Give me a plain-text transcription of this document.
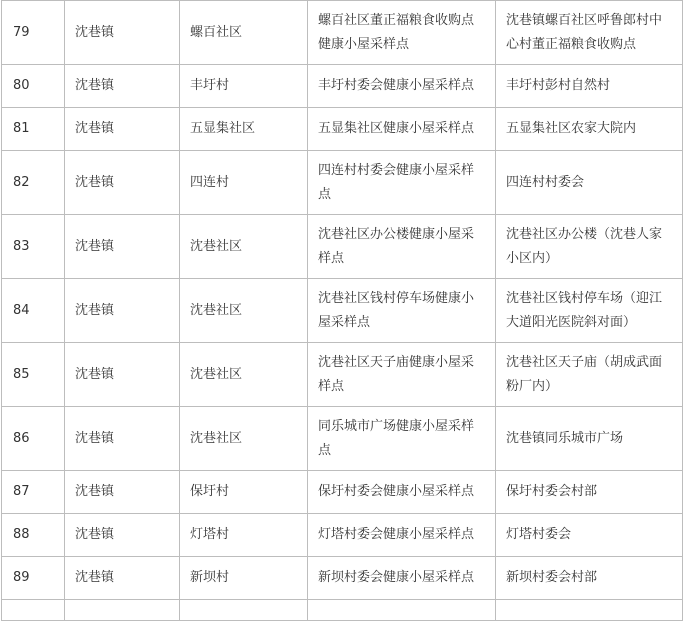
79	沈巷镇	螺百社区	螺百社区董正福粮食收购点健康小屋采样点	沈巷镇螺百社区呼鲁郎村中心村董正福粮食收购点
80	沈巷镇	丰圩村	丰圩村委会健康小屋采样点	丰圩村彭村自然村
81	沈巷镇	五显集社区	五显集社区健康小屋采样点	五显集社区农家大院内
82	沈巷镇	四连村	四连村村委会健康小屋采样点	四连村村委会
83	沈巷镇	沈巷社区	沈巷社区办公楼健康小屋采样点	沈巷社区办公楼（沈巷人家小区内）
84	沈巷镇	沈巷社区	沈巷社区钱村停车场健康小屋采样点	沈巷社区钱村停车场（迎江大道阳光医院斜对面）
85	沈巷镇	沈巷社区	沈巷社区天子庙健康小屋采样点	沈巷社区天子庙（胡成武面粉厂内）
86	沈巷镇	沈巷社区	同乐城市广场健康小屋采样点	沈巷镇同乐城市广场
87	沈巷镇	保圩村	保圩村委会健康小屋采样点	保圩村委会村部
88	沈巷镇	灯塔村	灯塔村委会健康小屋采样点	灯塔村委会
89	沈巷镇	新坝村	新坝村委会健康小屋采样点	新坝村委会村部
